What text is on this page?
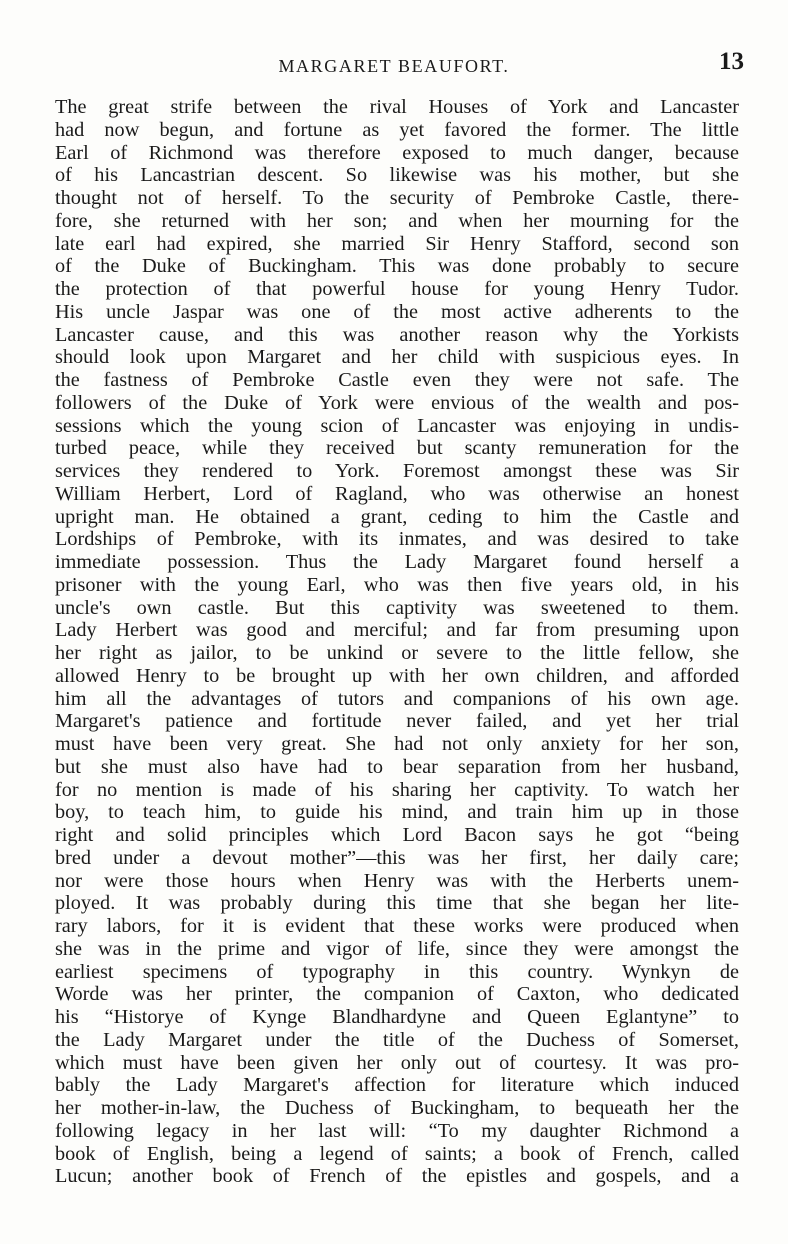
MARGARET BEAUFORT.	13
The great strife between the rival Houses of York and Lancaster
had now begun, and fortune as yet favored the former. The little
Earl of Richmond was therefore exposed to much danger, because
of his Lancastrian descent. So likewise was his mother, but she
thought not of herself. To the security of Pembroke Castle, there-
fore, she returned with her son; and when her mourning for the
late earl had expired, she married Sir Henry Stafford, second son
of the Duke of Buckingham. This was done probably to secure
the protection of that powerful house for young Henry Tudor.
His uncle Jaspar was one of the most active adherents to the
Lancaster cause, and this was another reason why the Yorkists
should look upon Margaret and her child with suspicious eyes. In
the fastness of Pembroke Castle even they were not safe. The
followers of the Duke of York were envious of the wealth and pos-
sessions which the young scion of Lancaster was enjoying in undis-
turbed peace, while they received but scanty remuneration for the
services they rendered to York. Foremost amongst these was Sir
William Herbert, Lord of Ragland, who was otherwise an honest
upright man. He obtained a grant, ceding to him the Castle and
Lordships of Pembroke, with its inmates, and was desired to take
immediate possession. Thus the Lady Margaret found herself a
prisoner with the young Earl, who was then five years old, in his
uncle's own castle. But this captivity was sweetened to them.
Lady Herbert was good and merciful; and far from presuming upon
her right as jailor, to be unkind or severe to the little fellow, she
allowed Henry to be brought up with her own children, and afforded
him all the advantages of tutors and companions of his own age.
Margaret's patience and fortitude never failed, and yet her trial
must have been very great. She had not only anxiety for her son,
but she must also have had to bear separation from her husband,
for no mention is made of his sharing her captivity. To watch her
boy, to teach him, to guide his mind, and train him up in those
right and solid principles which Lord Bacon says he got “being
bred under a devout mother”—this was her first, her daily care;
nor were those hours when Henry was with the Herberts unem-
ployed. It was probably during this time that she began her lite-
rary labors, for it is evident that these works were produced when
she was in the prime and vigor of life, since they were amongst the
earliest specimens of typography in this country. Wynkyn de
Worde was her printer, the companion of Caxton, who dedicated
his “Historye of Kynge Blandhardyne and Queen Eglantyne” to
the Lady Margaret under the title of the Duchess of Somerset,
which must have been given her only out of courtesy. It was pro-
bably the Lady Margaret's affection for literature which induced
her mother-in-law, the Duchess of Buckingham, to bequeath her the
following legacy in her last will: “To my daughter Richmond a
book of English, being a legend of saints; a book of French, called
Lucun; another book of French of the epistles and gospels, and a
